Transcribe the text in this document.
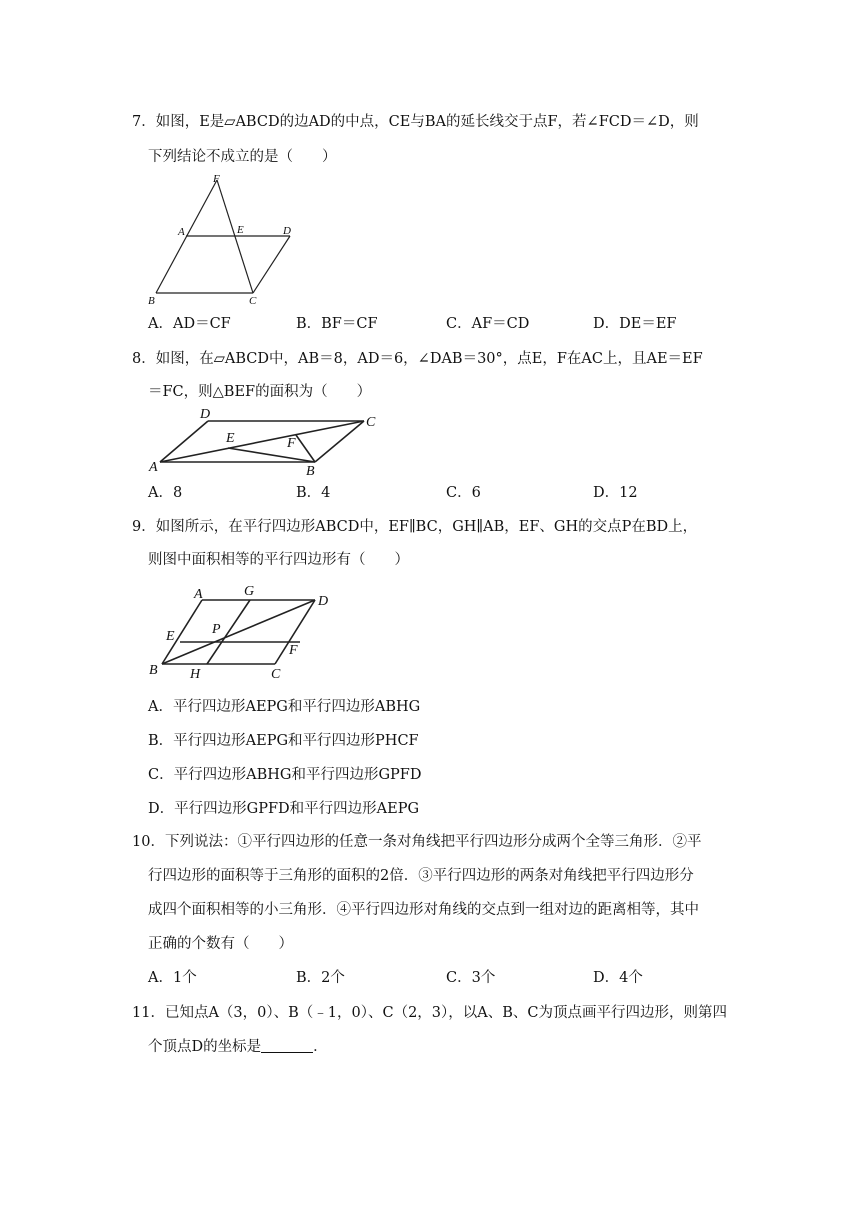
7．如图，E是▱ABCD的边AD的中点，CE与BA的延长线交于点F，若∠FCD＝∠D，则
下列结论不成立的是（　　）
F
A	E	D
B	C
A．AD＝CF	B．BF＝CF	C．AF＝CD	D．DE＝EF
8．如图，在▱ABCD中，AB＝8，AD＝6，∠DAB＝30°，点E，F在AC上，且AE＝EF
＝FC，则△BEF的面积为（　　）
D
C
E	F
A	B
A．8	B．4	C．6	D．12
9．如图所示，在平行四边形ABCD中，EF∥BC，GH∥AB，EF、GH的交点P在BD上，
则图中面积相等的平行四边形有（　　）
A	G
D
E	P
F
B H	C
A．平行四边形AEPG和平行四边形ABHG
B．平行四边形AEPG和平行四边形PHCF
C．平行四边形ABHG和平行四边形GPFD
D．平行四边形GPFD和平行四边形AEPG
10．下列说法：①平行四边形的任意一条对角线把平行四边形分成两个全等三角形．②平
行四边形的面积等于三角形的面积的2倍．③平行四边形的两条对角线把平行四边形分
成四个面积相等的小三角形．④平行四边形对角线的交点到一组对边的距离相等，其中
正确的个数有（　　）
A．1个	B．2个	C．3个	D．4个
11．已知点A（3，0）、B（﹣1，0）、C（2，3），以A、B、C为顶点画平行四边形，则第四
个顶点D的坐标是	．
